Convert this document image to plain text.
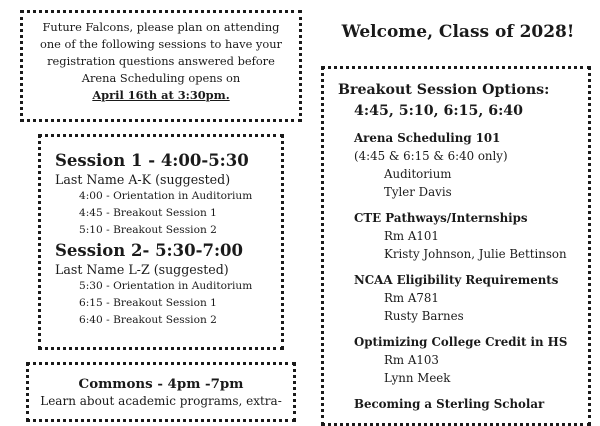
Future Falcons, please plan on attending
one of the following sessions to have your
registration questions answered before
Arena Scheduling opens on
April 16th at 3:30pm.
Session 1 - 4:00-5:30
Last Name A-K (suggested)
4:00 - Orientation in Auditorium
4:45 - Breakout Session 1
5:10 - Breakout Session 2
Session 2- 5:30-7:00
Last Name L-Z (suggested)
5:30 - Orientation in Auditorium
6:15 - Breakout Session 1
6:40 - Breakout Session 2
Commons - 4pm -7pm
Learn about academic programs, extra-
Welcome, Class of 2028!
Breakout Session Options:
4:45, 5:10, 6:15, 6:40
Arena Scheduling 101
(4:45 & 6:15 & 6:40 only)
Auditorium
Tyler Davis
CTE Pathways/Internships
Rm A101
Kristy Johnson, Julie Bettinson
NCAA Eligibility Requirements
Rm A781
Rusty Barnes
Optimizing College Credit in HS
Rm A103
Lynn Meek
Becoming a Sterling Scholar
